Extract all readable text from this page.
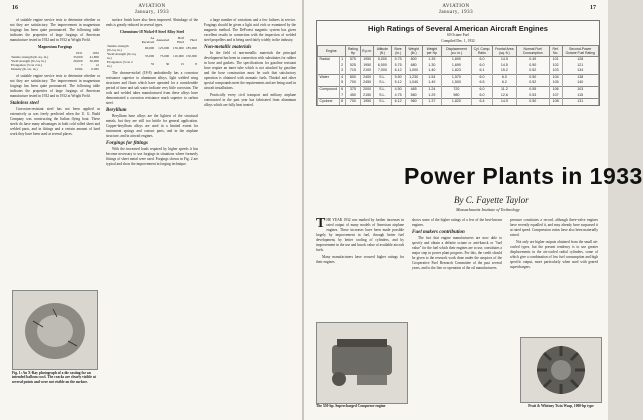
16	AVIATION
January, 1933

of suitable engine service tests to determine whether or not they are satisfactory. The improvement in magnesium forgings has been quite pronounced. The following table indicates the properties of large forgings of American manufacture tested in 1932 and in 1932 at Wright Field.

Magnesium Forgings
	1931	1932
Tensile strength (lb./sq. in.)	35,000	41,800
Yield strength (lb./sq. in.)	20,000	30,000
Elongation (% in 2 in.)	7	12
Density (lb./cu. in.)	0.064	0.065

of suitable engine service tests to determine whether or not they are satisfactory. The improvement in magnesium forgings has been quite pronounced. The following table indicates the properties of large forgings of American manufacture tested in 1932 and in 1932 at Wright Field.

Stainless steel

Corrosion-resistant steel has not been applied as extensively as was freely predicted when the U. G. Budd Company was constructing the Italian flying boat. These steels do have many advantages in both cold rolled sheet and welded parts, and in fittings and a certain amount of hard work they have been used at several places.

Fig. 1: An X-Ray photograph of a die casting for an intended balloon cowl. The cracks are clearly visible at several points and were not visible on the surface.

surface finish have also been improved. Shrinkage of the ends is greatly reduced in several types.

Chromium-18 Nickel-8 Steel Alloy Steel
	As Received	Annealed	Half Hard	Hard
Tensile strength (lb./sq. in.)	90,000	125,000	150,000	185,000
Yield strength (lb./sq. in.)	35,000	75,000	110,000	150,000
Elongation (% in 2 in.)	55	30	15	8

The chrome-nickel (18-8) undoubtedly has a corrosion resistance superior to aluminum alloys, light welded wing structures and floats which have operated for a considerable period of time and salt water indicate very little corrosion. The rods and welded tubes manufactured from these alloys have demonstrated a corrosion resistance much superior to carbon steel.

Beryllium

Beryllium base alloys are the lightest of the structural metals, but they are still too brittle for general application. Copper-beryllium alloys are used in a limited extent for instrument springs and contact parts, and in the airplane structure, and in aircraft engines.

Forgings for fittings

With the increased loads required by higher speeds it has become necessary to use forgings in situations where formerly fittings of sheet metal were used. Forgings shown in Fig. 2 are typical and show the improvement in forging technique.

a large number of variations and a few failures in service. Forgings should be given a light acid etch or examined by the magnetic method. The DeForest magnetic system has given excellent results in connection with the inspection of welded steel propellers and is being used fairly widely in the industry.

Non-metallic materials

In the field of non-metallic materials the principal development has been in connection with substitutes for rubber in hose and gaskets. The specifications for gasoline resistant hose require an inner tube which is not attacked by gasoline and the hose construction must be such that satisfactory operation is obtained with aromatic fuels. Thiokol and other special compounds meet the requirements and are being used in aircraft installations.

Practically every civil transport and military airplane constructed in the past year has fabricated from aluminum alloys which are fully heat treated.

17
AVIATION
January, 1933
High Ratings of Several American Aircraft Engines
60 Octane Fuel
Compiled Dec. 1, 1932
Engine		Rating Hp	R.p.m.	Altitude (ft.)	Bore (in.)	Weight (lb.)	Weight per Hp	Displacement (cu. in.)	Cyl. Comp. Ratio	Frontal Area (sq. ft.)	Normal Fuel Consumption	Ref. No.	Second-Power Octane Fuel Rating
Radial	1	575	1950	5,000	5.75	800	1.39	1,690	6.0	14.5	0.49	101	128
	2	525	1950	6,500	5.75	680	1.30	1,690	6.0	14.5	0.50	102	121
	3	715	2100	7,000	6.12	1,000	1.40	1,823	6.1	15.2	0.52	103	134
Water	4	800	2400	S.L.	5.50	1,230	1.54	1,570	6.0	6.0	0.50	104	138
	5	700	2450	S.L.	5.12	1,040	1.49	1,500	6.5	6.2	0.52	105	140
Compound	6	375	2000	S.L.	4.50	465	1.24	720	6.0	11.2	0.55	106	103
	7	450	2150	S.L.	4.75	580	1.29	980	6.0	12.6	0.53	107	115
Cyclone	8	700	1950	S.L.	6.12	960	1.37	1,820	6.4	14.9	0.50	108	131
Power Plants in 1933
By C. Fayette Taylor
Massachusetts Institute of Technology

T HE YEAR 1932 was marked by further increases in rated output of many models of American airplane engines. These increases have been made possible largely by improvement in fuel, through better fuel development, by better cooling of cylinders, and by improvement in the use and knock value of available aircraft fuels.

Many manufacturers have secured higher ratings for their engines.

The 550-hp. Supercharged Conqueror engine

shows some of the higher ratings of a few of the best-known engines.

Fuel makers contribution

The fact that engine manufacturers are now able to specify and obtain a definite octane or anti-knock or "fuel value" for the fuel which their engines are to use, constitutes a major step in power plant progress. For this, the credit should be given to the research work done under the auspices of the Cooperative Fuel Research Committee of the past several years, and to the fine co-operation of the oil manufacturers.

pressure constitutes a record, although three-valve engines have recently equalled it, and may already have surpassed it at rated speed. Compression ratios have also been materially raised.

Not only are higher outputs obtained from the small air-cooled types, but the present tendency is to use greater displacements in the air-cooled radial cylinders, some of which give a combination of low fuel consumption and high specific output, more particularly when used with geared superchargers.

Pratt & Whitney Twin Wasp, 1000-hp type
